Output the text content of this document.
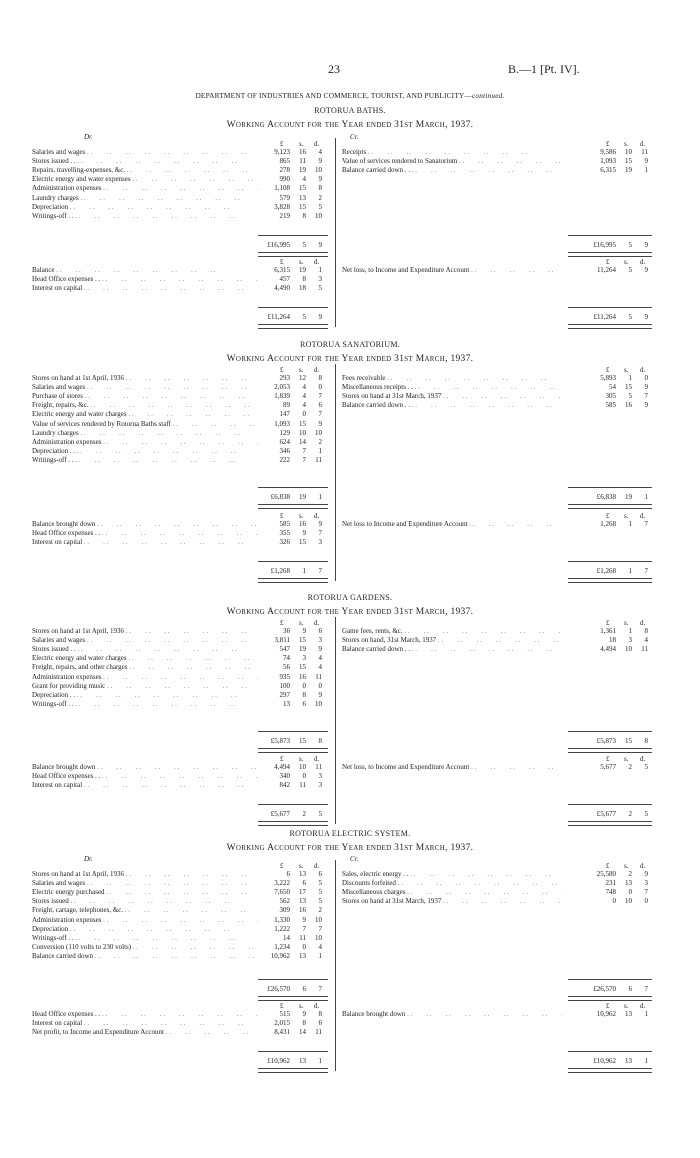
23	B.—1 [Pt. IV].
DEPARTMENT OF INDUSTRIES AND COMMERCE, TOURIST, AND PUBLICITY—continued.
ROTORUA BATHS.
Working Account for the Year ended 31st March, 1937.
Dr.	Cr.
£ s. d.	£ s. d.
£ s. d.	£ s. d.
Salaries and wages . .	9,123	16	4
Stores issued . . . .	865	11	9
Repairs, travelling-expenses, &c. . .	278	19	10
Electric energy and water expenses . .	990	4	9
Administration expenses . .	1,108	15	8
Laundry charges . .	579	13	2
Depreciation . .	3,828	15	5
Writings-off . . . .	219	8	10
Receipts . .	9,586	10	11
Value of services rendered to Sanatorium . .	1,093	15	9
Balance carried down . . . .	6,315	19	1
Balance . .	6,315	19	1
Head Office expenses . . . .	457	8	3
Interest on capital . .	4,490	18	5
Net loss, to Income and Expenditure Account . .	11,264	5	9
£16,995	5	9	£16,995	5	9
£11,264	5	9	£11,264	5	9
ROTORUA SANATORIUM.
Working Account for the Year ended 31st March, 1937.
£ s. d.	£ s. d.
£ s. d.	£ s. d.
Stores on hand at 1st April, 1936 . .	293	12	8
Salaries and wages . .	2,053	4	0
Purchase of stores . .	1,839	4	7
Freight, repairs, &c. . .	89	4	6
Electric energy and water charges . .	147	0	7
Value of services rendered by Rotorua Baths staff . .	1,093	15	9
Laundry charges . .	129	10	10
Administration expenses . .	624	14	2
Depreciation . . . .	346	7	1
Writings-off . . . .	222	7	11
Fees receivable . .	5,893	1	0
Miscellaneous receipts . . . .	54	15	9
Stores on hand at 31st March, 1937 . .	305	5	7
Balance carried down . . . .	585	16	9
Balance brought down . .	585	16	9
Head Office expenses . . . .	355	9	7
Interest on capital . .	326	15	3
Net loss to Income and Expenditure Account . .	1,268	1	7
£6,838	19	1	£6,838	19	1
£1,268	1	7	£1,268	1	7
ROTORUA GARDENS.
Working Account for the Year ended 31st March, 1937.
£ s. d.	£ s. d.
£ s. d.	£ s. d.
Stores on hand at 1st April, 1936 . .	36	9	6
Salaries and wages . .	3,811	15	3
Stores issued . . . .	547	19	9
Electric energy and water charges . .	74	3	4
Freight, repairs, and other charges . .	56	15	4
Administration expenses . .	935	16	11
Grant for providing music . .	100	0	0
Depreciation . . . .	297	8	9
Writings-off . . . .	13	6	10
Game fees, rents, &c. . .	1,361	1	8
Stores on hand, 31st March, 1937 . .	18	3	4
Balance carried down . . . .	4,494	10	11
Balance brought down . .	4,494	10	11
Head Office expenses . . . .	340	0	3
Interest on capital . .	842	11	3
Net loss, to Income and Expenditure Account . .	5,677	2	5
£5,873	15	8	£5,873	15	8
£5,677	2	5	£5,677	2	5
ROTORUA ELECTRIC SYSTEM.
Working Account for the Year ended 31st March, 1937.
Dr.	Cr.
£ s. d.	£ s. d.
£ s. d.	£ s. d.
Stores on hand at 1st April, 1936 . .	6	13	6
Salaries and wages . .	3,222	6	5
Electric energy purchased . .	7,650	17	5
Stores issued . .	562	13	5
Freight, cartage, telephones, &c. . .	309	16	2
Administration expenses . .	1,330	9	10
Depreciation . .	1,222	7	7
Writings-off . . . .	14	11	10
Conversion (110 volts to 230 volts) . .	1,234	0	4
Balance carried down . .	10,962	13	1
Sales, electric energy . . . .	25,580	2	9
Discounts forfeited . .	231	13	3
Miscellaneous charges . .	748	0	7
Stores on hand at 31st March, 1937 . .	0	10	0
Head Office expenses . . . .	515	9	8
Interest on capital . .	2,015	8	6
Net profit, to Income and Expenditure Account . .	8,431	14	11
Balance brought down . .	10,962	13	1
£26,570	6	7	£26,570	6	7
£10,962	13	1	£10,962	13	1
